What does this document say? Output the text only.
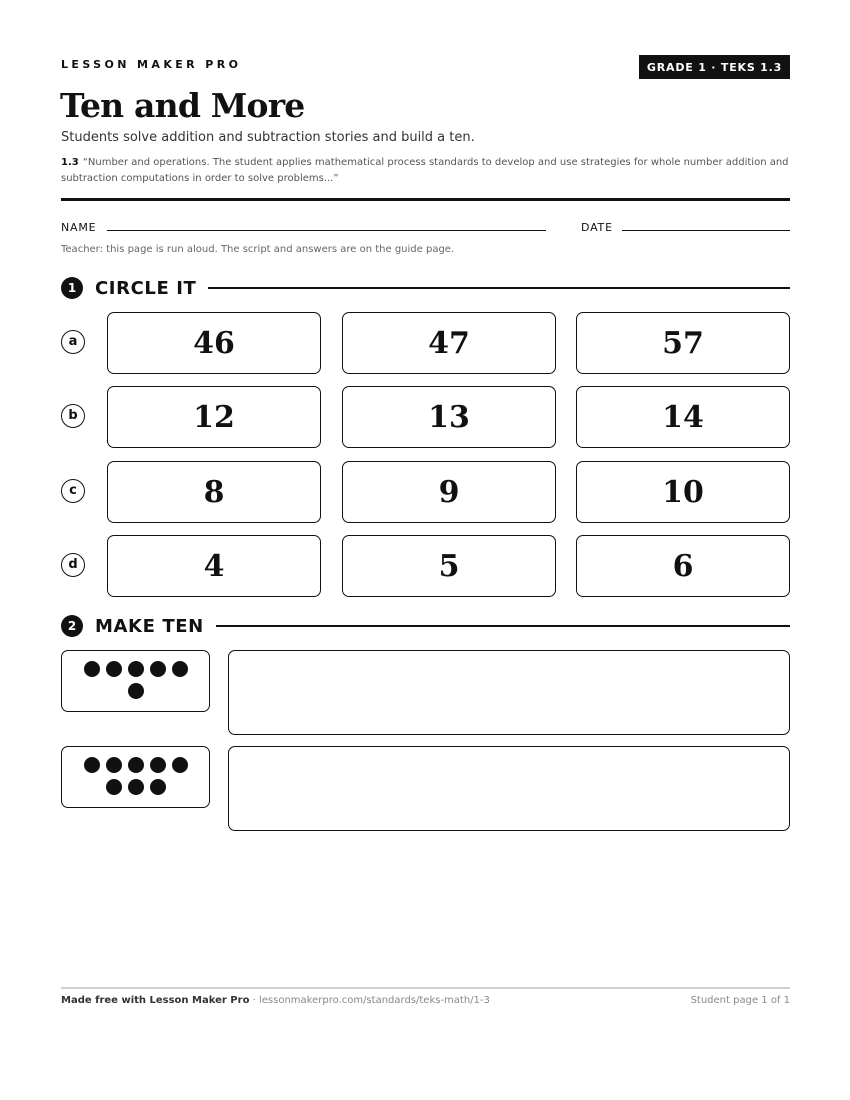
LESSON MAKER PRO	GRADE 1 · TEKS 1.3
Ten and More
Students solve addition and subtraction stories and build a ten.
1.3 “Number and operations. The student applies mathematical process standards to develop and use strategies for whole number addition and subtraction computations in order to solve problems...”
NAME	DATE
Teacher: this page is run aloud. The script and answers are on the guide page.
1	CIRCLE IT
a	46	47	57
b	12	13	14
c	8	9	10
d	4	5	6
2	MAKE TEN
Made free with Lesson Maker Pro · lessonmakerpro.com/standards/teks-math/1-3	Student page 1 of 1
